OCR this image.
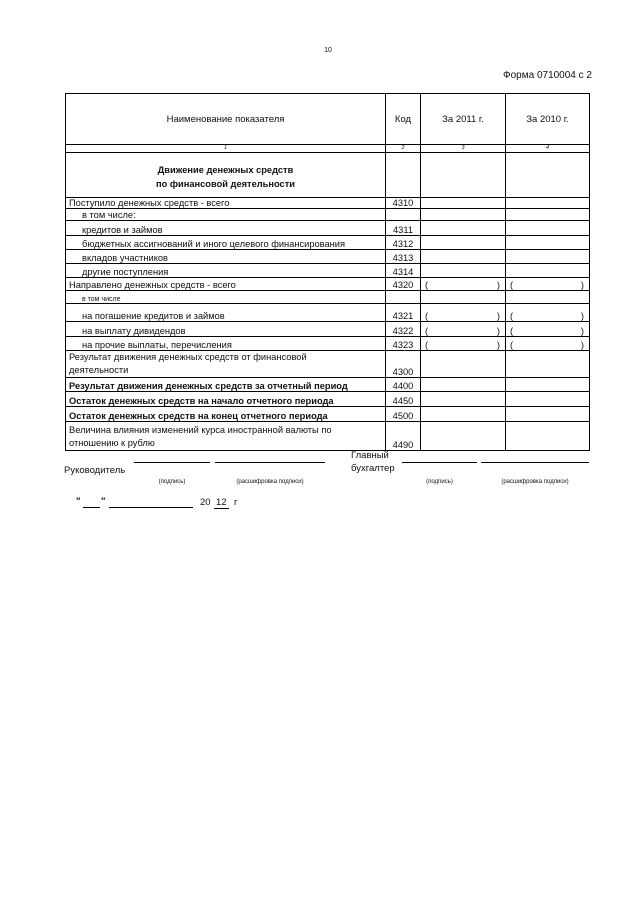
10
Форма 0710004 с 2
Наименование показателя	Код	За 2011 г.	За 2010 г.
1	2	3	4
Движение денежных средств
по финансовой деятельности			
Поступило денежных средств - всего	4310		
в том числе:			
кредитов и займов	4311		
бюджетных ассигнований и иного целевого финансирования	4312		
вкладов участников	4313		
другие поступления	4314		
Направлено денежных средств - всего	4320	( )	( )

в том числе			
на погашение кредитов и займов	4321	( )	( )

на выплату дивидендов	4322	( )	( )

на прочие выплаты, перечисления	4323	( )	( )

Результат движения денежных средств от финансовой
деятельности	4300		
Результат движения денежных средств за отчетный период	4400		
Остаток денежных средств на начало отчетного периода	4450		
Остаток денежных средств на конец отчетного периода	4500		
Величина влияния изменений курса иностранной валюты по
отношению к рублю	4490		
Руководитель
(подпись)	(расшифровка подписи)
Главный
бухгалтер
(подпись)	(расшифровка подписи)
" "	20 12 г
